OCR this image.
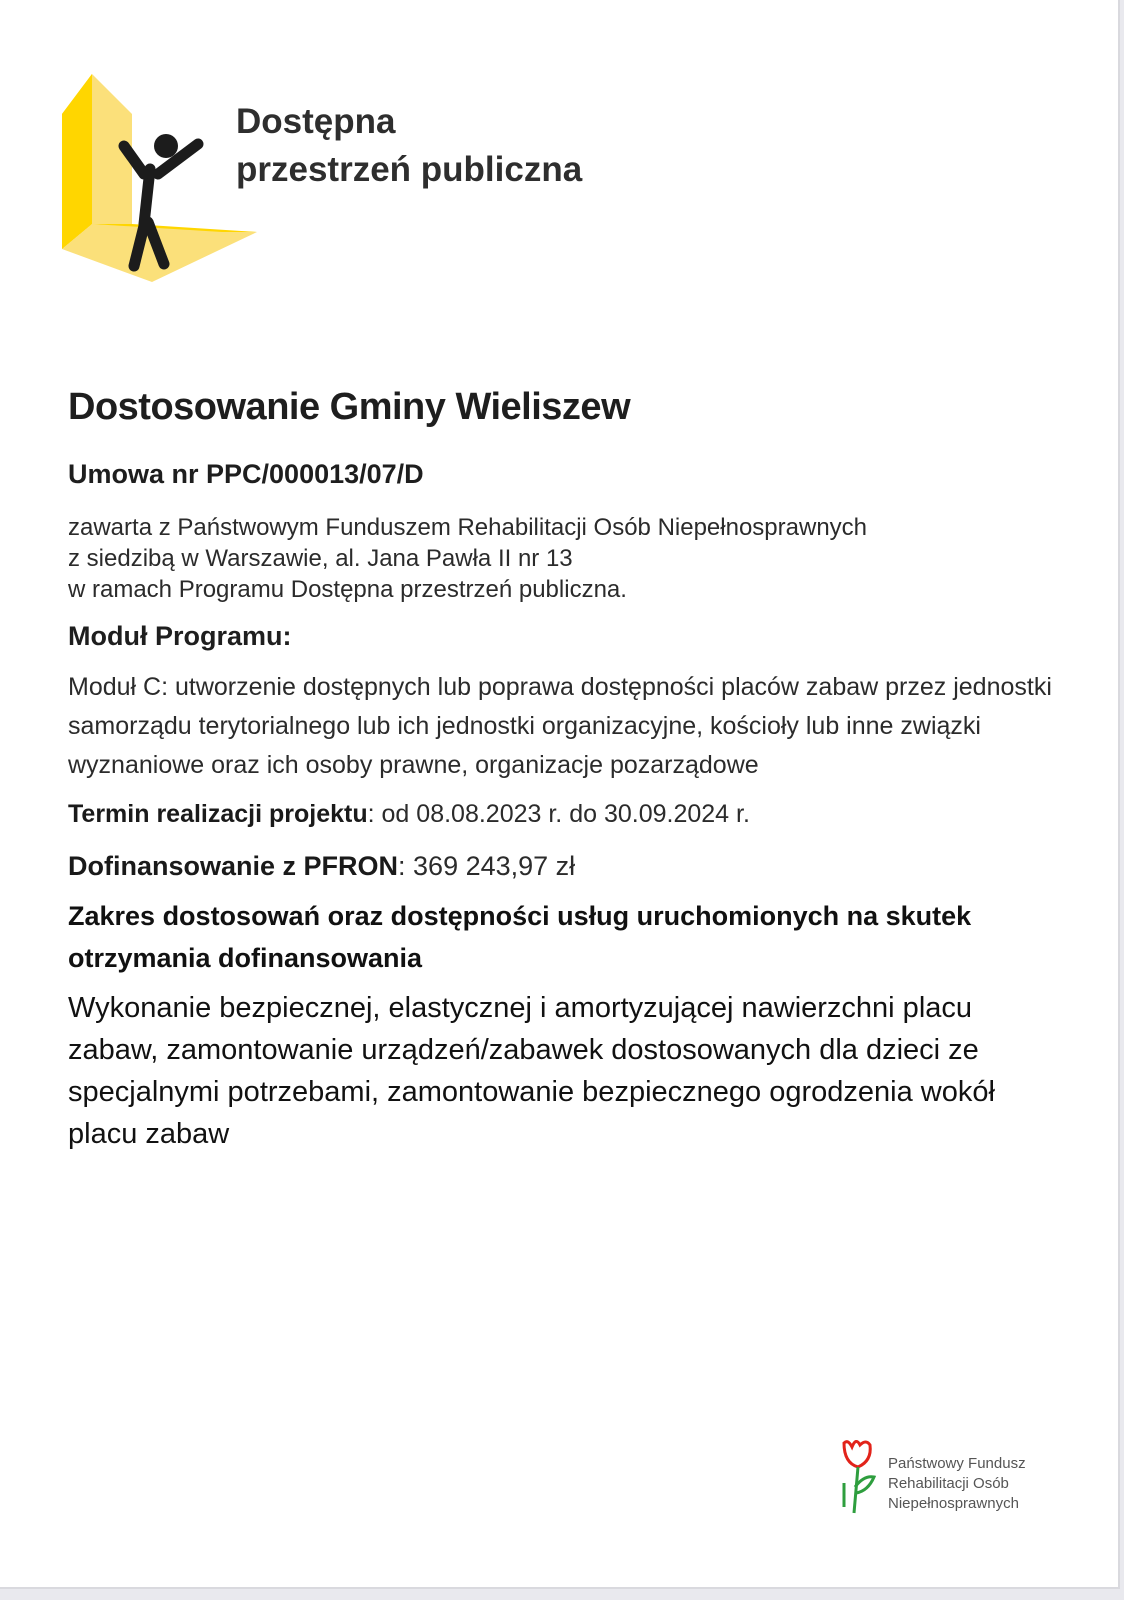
Dostępna
przestrzeń publiczna
Dostosowanie Gminy Wieliszew
Umowa nr PPC/000013/07/D
zawarta z Państwowym Funduszem Rehabilitacji Osób Niepełnosprawnych
z siedzibą w Warszawie, al. Jana Pawła II nr 13
w ramach Programu Dostępna przestrzeń publiczna.
Moduł Programu:

Moduł C: utworzenie dostępnych lub poprawa dostępności placów zabaw przez jednostki samorządu terytorialnego lub ich jednostki organizacyjne, kościoły lub inne związki wyznaniowe oraz ich osoby prawne, organizacje pozarządowe

Termin realizacji projektu: od 08.08.2023 r. do 30.09.2024 r.

Dofinansowanie z PFRON: 369 243,97 zł

Zakres dostosowań oraz dostępności usług uruchomionych na skutek otrzymania dofinansowania

Wykonanie bezpiecznej, elastycznej i amortyzującej nawierzchni placu zabaw, zamontowanie urządzeń/zabawek dostosowanych dla dzieci ze specjalnymi potrzebami, zamontowanie bezpiecznego ogrodzenia wokół placu zabaw

Państwowy Fundusz
Rehabilitacji Osób
Niepełnosprawnych
